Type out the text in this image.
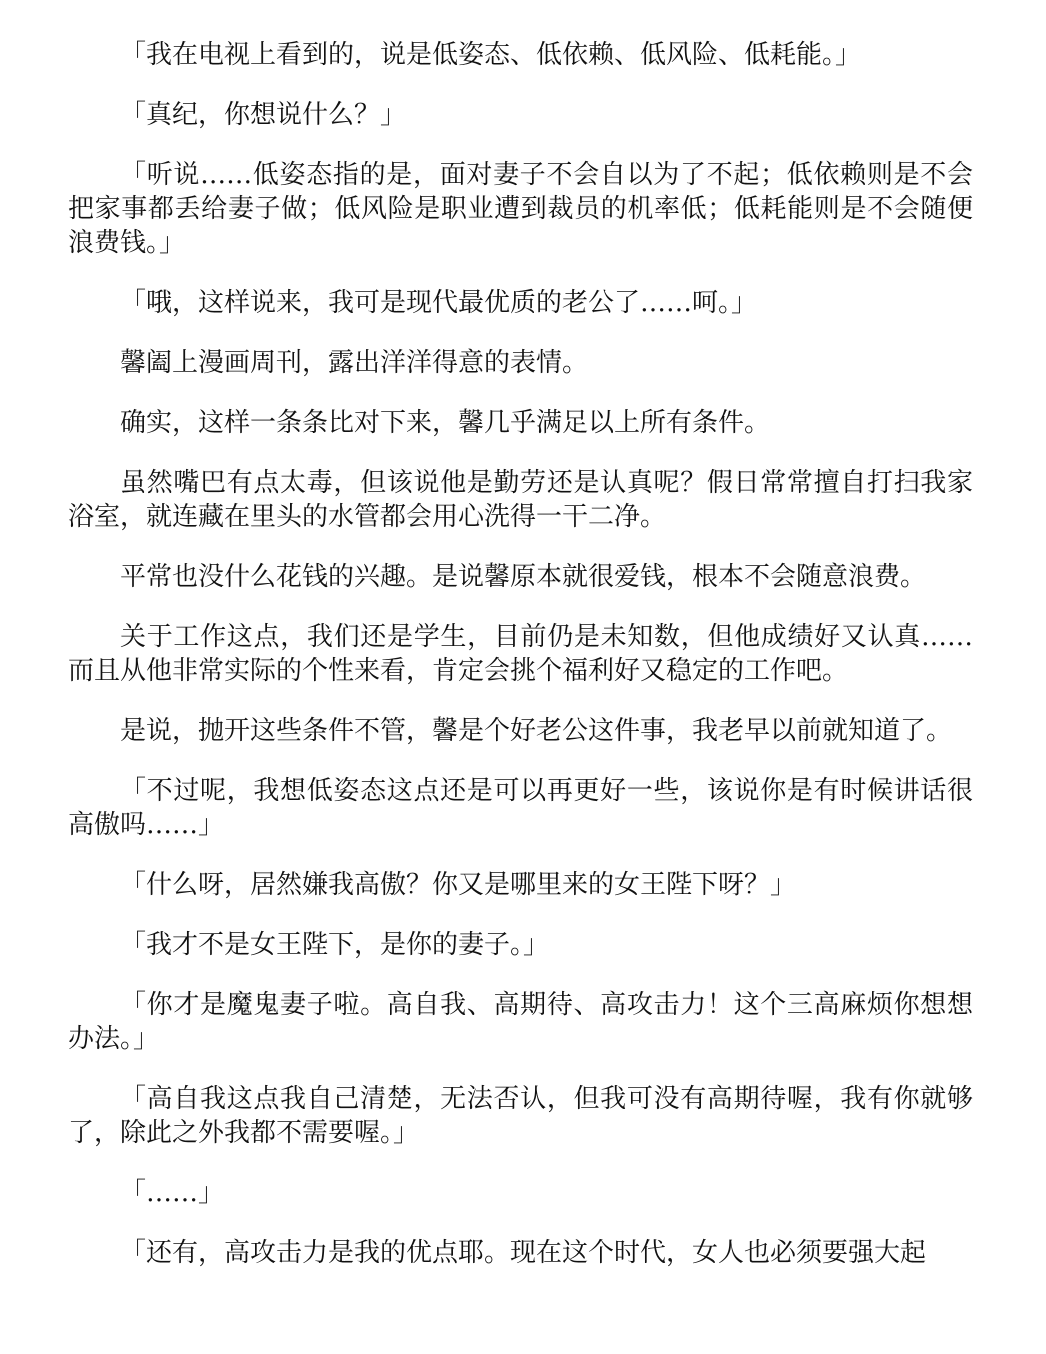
「我在电视上看到的，说是低姿态、低依赖、低风险、低耗能。」

「真纪，你想说什么？」

「听说……低姿态指的是，面对妻子不会自以为了不起；低依赖则是不会把家事都丢给妻子做；低风险是职业遭到裁员的机率低；低耗能则是不会随便浪费钱。」

「哦，这样说来，我可是现代最优质的老公了……呵。」

馨阖上漫画周刊，露出洋洋得意的表情。

确实，这样一条条比对下来，馨几乎满足以上所有条件。

虽然嘴巴有点太毒，但该说他是勤劳还是认真呢？假日常常擅自打扫我家浴室，就连藏在里头的水管都会用心洗得一干二净。

平常也没什么花钱的兴趣。是说馨原本就很爱钱，根本不会随意浪费。

关于工作这点，我们还是学生，目前仍是未知数，但他成绩好又认真……而且从他非常实际的个性来看，肯定会挑个福利好又稳定的工作吧。

是说，抛开这些条件不管，馨是个好老公这件事，我老早以前就知道了。

「不过呢，我想低姿态这点还是可以再更好一些，该说你是有时候讲话很高傲吗……」

「什么呀，居然嫌我高傲？你又是哪里来的女王陛下呀？」

「我才不是女王陛下，是你的妻子。」

「你才是魔鬼妻子啦。高自我、高期待、高攻击力！这个三高麻烦你想想办法。」

「高自我这点我自己清楚，无法否认，但我可没有高期待喔，我有你就够了，除此之外我都不需要喔。」

「……」

「还有，高攻击力是我的优点耶。现在这个时代，女人也必须要强大起
